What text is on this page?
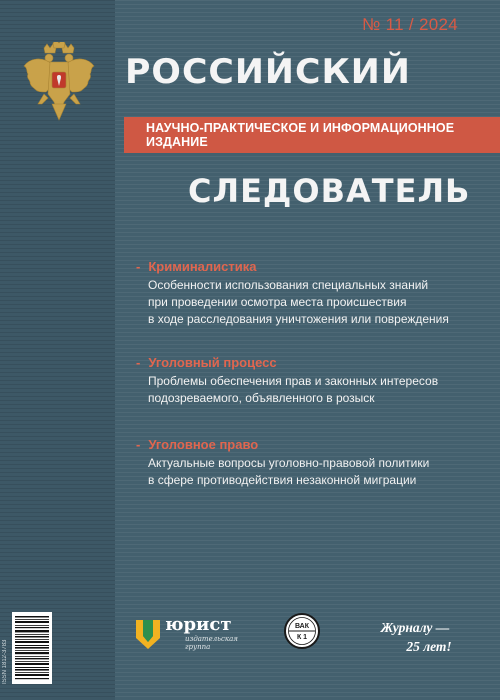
№ 11 / 2024
РОССИЙСКИЙ
НАУЧНО-ПРАКТИЧЕСКОЕ И ИНФОРМАЦИОННОЕ ИЗДАНИЕ
СЛЕДОВАТЕЛЬ
- Криминалистика
Особенности использования специальных знаний
при проведении осмотра места происшествия
в ходе расследования уничтожения или повреждения
- Уголовный процесс
Проблемы обеспечения прав и законных интересов
подозреваемого, объявленного в розыск
- Уголовное право
Актуальные вопросы уголовно-правовой политики
в сфере противодействия незаконной миграции
ISSN 1812-3783
юрист
издательская
группа
ВАК
К 1
Журналу —
25 лет!
